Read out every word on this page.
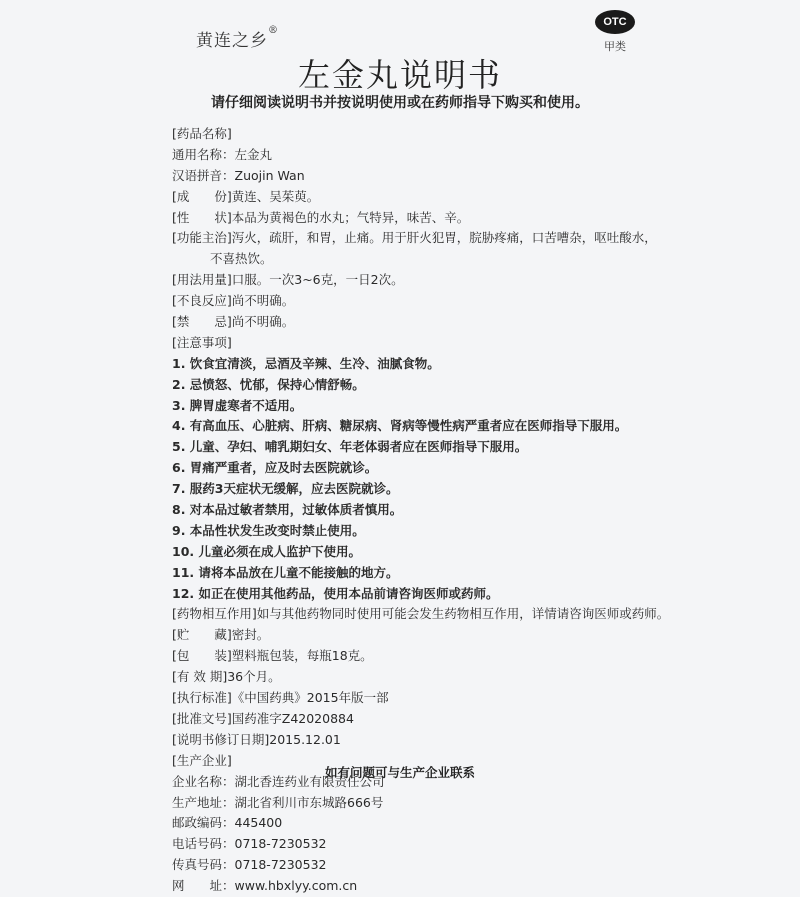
黄连之乡®
OTC
甲类
左金丸说明书
请仔细阅读说明书并按说明使用或在药师指导下购买和使用。
[药品名称]
通用名称：左金丸
汉语拼音：Zuojin Wan
[成　　份]黄连、吴茱萸。
[性　　状]本品为黄褐色的水丸；气特异，味苦、辛。
[功能主治]泻火，疏肝，和胃，止痛。用于肝火犯胃，脘胁疼痛，口苦嘈杂，呕吐酸水，
不喜热饮。
[用法用量]口服。一次3~6克，一日2次。
[不良反应]尚不明确。
[禁　　忌]尚不明确。
[注意事项]
1. 饮食宜清淡，忌酒及辛辣、生冷、油腻食物。
2. 忌愤怒、忧郁，保持心情舒畅。
3. 脾胃虚寒者不适用。
4. 有高血压、心脏病、肝病、糖尿病、肾病等慢性病严重者应在医师指导下服用。
5. 儿童、孕妇、哺乳期妇女、年老体弱者应在医师指导下服用。
6. 胃痛严重者，应及时去医院就诊。
7. 服药3天症状无缓解，应去医院就诊。
8. 对本品过敏者禁用，过敏体质者慎用。
9. 本品性状发生改变时禁止使用。
10. 儿童必须在成人监护下使用。
11. 请将本品放在儿童不能接触的地方。
12. 如正在使用其他药品，使用本品前请咨询医师或药师。
[药物相互作用]如与其他药物同时使用可能会发生药物相互作用，详情请咨询医师或药师。
[贮　　藏]密封。
[包　　装]塑料瓶包装，每瓶18克。
[有 效 期]36个月。
[执行标准]《中国药典》2015年版一部
[批准文号]国药准字Z42020884
[说明书修订日期]2015.12.01
[生产企业]
企业名称：湖北香连药业有限责任公司
生产地址：湖北省利川市东城路666号
邮政编码：445400
电话号码：0718-7230532
传真号码：0718-7230532
网　　址：www.hbxlyy.com.cn
如有问题可与生产企业联系
